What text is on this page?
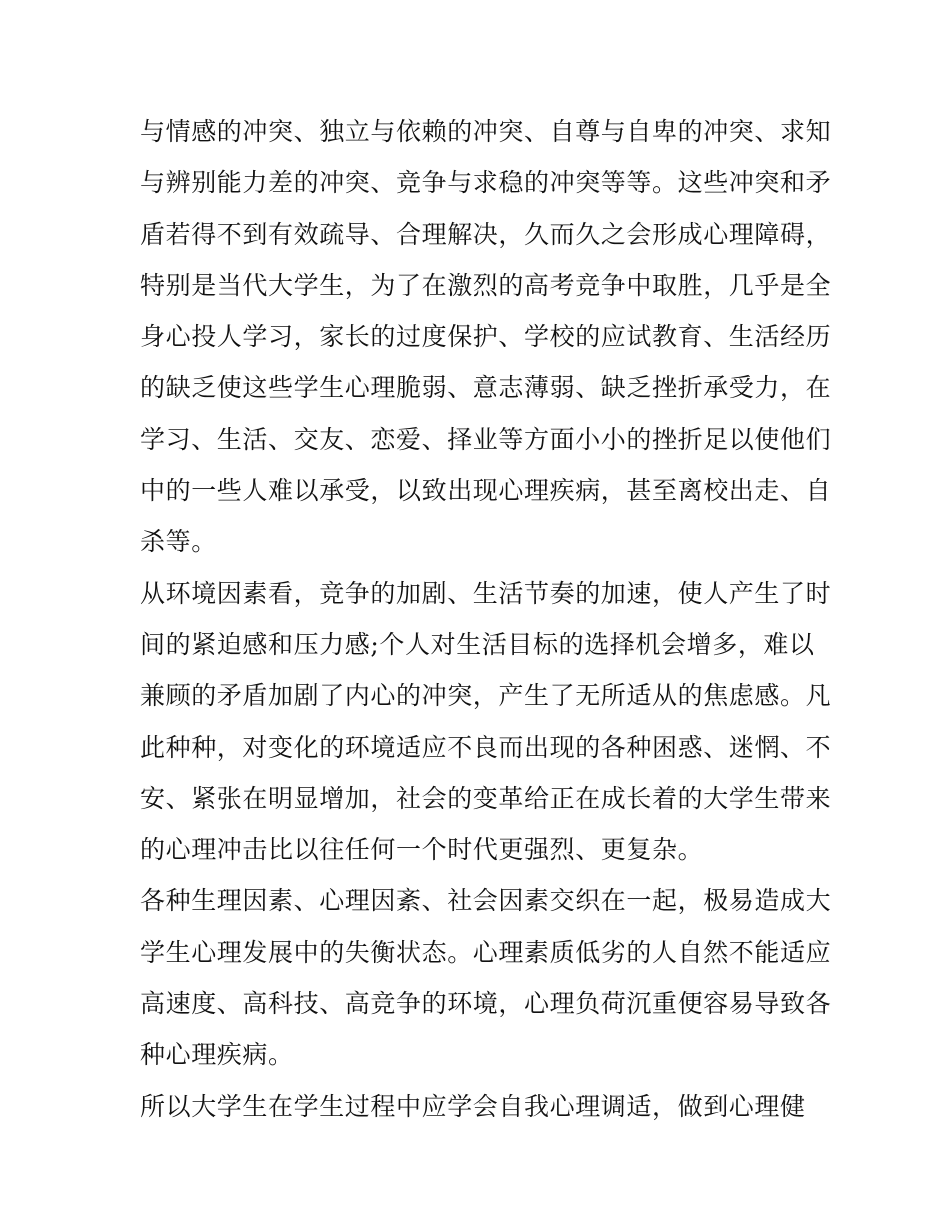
与情感的冲突、独立与依赖的冲突、自尊与自卑的冲突、求知
与辨别能力差的冲突、竞争与求稳的冲突等等。这些冲突和矛
盾若得不到有效疏导、合理解决，久而久之会形成心理障碍，
特别是当代大学生，为了在激烈的高考竞争中取胜，几乎是全
身心投人学习，家长的过度保护、学校的应试教育、生活经历
的缺乏使这些学生心理脆弱、意志薄弱、缺乏挫折承受力，在
学习、生活、交友、恋爱、择业等方面小小的挫折足以使他们
中的一些人难以承受，以致出现心理疾病，甚至离校出走、自
杀等。
从环境因素看，竞争的加剧、生活节奏的加速，使人产生了时
间的紧迫感和压力感;个人对生活目标的选择机会增多，难以
兼顾的矛盾加剧了内心的冲突，产生了无所适从的焦虑感。凡
此种种，对变化的环境适应不良而出现的各种困惑、迷惘、不
安、紧张在明显增加，社会的变革给正在成长着的大学生带来
的心理冲击比以往任何一个时代更强烈、更复杂。
各种生理因素、心理因紊、社会因素交织在一起，极易造成大
学生心理发展中的失衡状态。心理素质低劣的人自然不能适应
高速度、高科技、高竞争的环境，心理负荷沉重便容易导致各
种心理疾病。
所以大学生在学生过程中应学会自我心理调适，做到心理健
